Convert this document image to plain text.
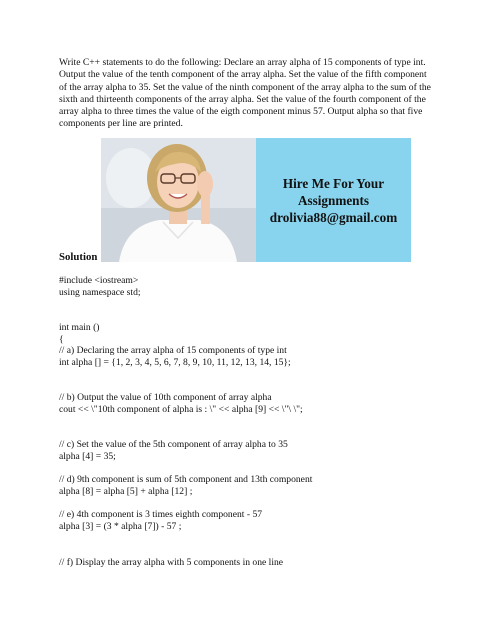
Write C++ statements to do the following: Declare an array alpha of 15 components of type int. Output the value of the tenth component of the array alpha. Set the value of the fifth component of the array alpha to 35. Set the value of the ninth component of the array alpha to the sum of the sixth and thirteenth components of the array alpha. Set the value of the fourth component of the array alpha to three times the value of the eigth component minus 57. Output alpha so that five components per line are printed.

Hire Me For Your
Assignments
drolivia88@gmail.com
Solution

#include <iostream>

using namespace std;

int main ()

{

// a) Declaring the array alpha of 15 components of type int

int alpha [] = {1, 2, 3, 4, 5, 6, 7, 8, 9, 10, 11, 12, 13, 14, 15};

// b) Output the value of 10th component of array alpha

cout << \"10th component of alpha is : \" << alpha [9] << \"\ \";

// c) Set the value of the 5th component of array alpha to 35

alpha [4] = 35;

// d) 9th component is sum of 5th component and 13th component

alpha [8] = alpha [5] + alpha [12] ;

// e) 4th component is 3 times eighth component - 57

alpha [3] = (3 * alpha [7]) - 57 ;

// f) Display the array alpha with 5 components in one line
